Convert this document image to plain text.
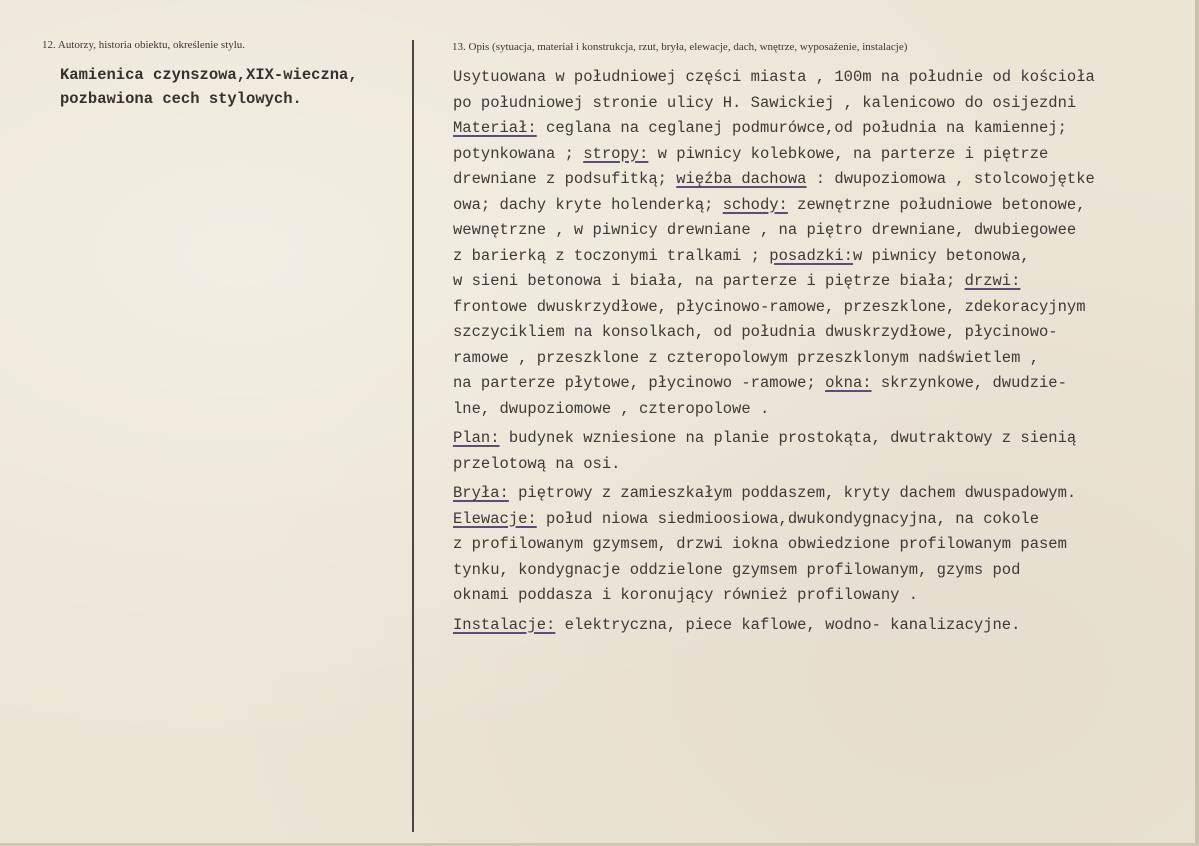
12. Autorzy, historia obiektu, określenie stylu.	13. Opis (sytuacja, materiał i konstrukcja, rzut, bryła, elewacje, dach, wnętrze, wyposażenie, instalacje)
Kamienica czynszowa,XIX-wieczna,
pozbawiona cech stylowych.
Usytuowana w południowej części miasta , 100m na południe od kościoła
po południowej stronie ulicy H. Sawickiej , kalenicowo do osijezdni
Materiał: ceglana na ceglanej podmurówce,od południa na kamiennej;
potynkowana ; stropy: w piwnicy kolebkowe, na parterze i piętrze
drewniane z podsufitką; więźba dachowa : dwupoziomowa , stolcowojętke
owa; dachy kryte holenderką; schody: zewnętrzne południowe betonowe,
wewnętrzne , w piwnicy drewniane , na piętro drewniane, dwubiegowee
z barierką z toczonymi tralkami ; posadzki:w piwnicy betonowa,
w sieni betonowa i biała, na parterze i piętrze biała; drzwi:
frontowe dwuskrzydłowe, płycinowo-ramowe, przeszklone, zdekoracyjnym
szczycikliem na konsolkach, od południa dwuskrzydłowe, płycinowo-
ramowe , przeszklone z czteropolowym przeszklonym nadświetlem ,
na parterze płytowe, płycinowo -ramowe; okna: skrzynkowe, dwudzie-
lne, dwupoziomowe , czteropolowe .
Plan: budynek wzniesione na planie prostokąta, dwutraktowy z sienią
przelotową na osi.
Bryła: piętrowy z zamieszkałym poddaszem, kryty dachem dwuspadowym.
Elewacje: połud niowa siedmioosiowa,dwukondygnacyjna, na cokole
z profilowanym gzymsem, drzwi iokna obwiedzione profilowanym pasem
tynku, kondygnacje oddzielone gzymsem profilowanym, gzyms pod
oknami poddasza i koronujący również profilowany .
Instalacje: elektryczna, piece kaflowe, wodno- kanalizacyjne.
